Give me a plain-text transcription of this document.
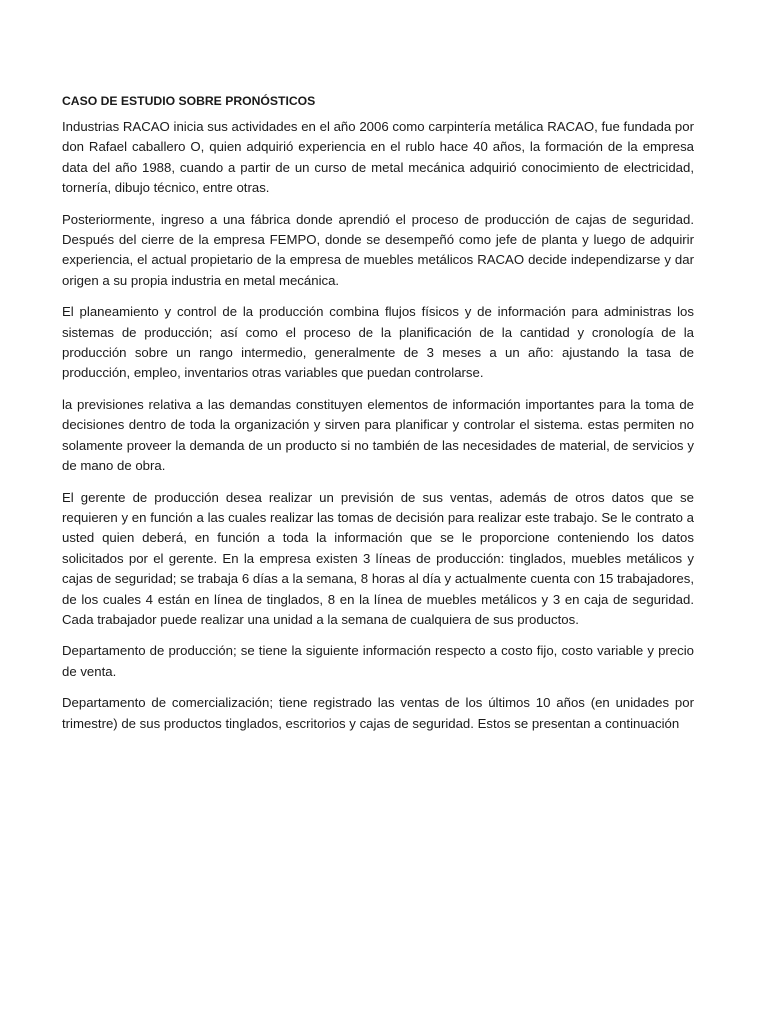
CASO DE ESTUDIO SOBRE PRONÓSTICOS

Industrias RACAO inicia sus actividades en el año 2006 como carpintería metálica RACAO, fue fundada por don Rafael caballero O, quien adquirió experiencia en el rublo hace 40 años, la formación de la empresa data del año 1988, cuando a partir de un curso de metal mecánica adquirió conocimiento de electricidad, tornería, dibujo técnico, entre otras.

Posteriormente, ingreso a una fábrica donde aprendió el proceso de producción de cajas de seguridad. Después del cierre de la empresa FEMPO, donde se desempeñó como jefe de planta y luego de adquirir experiencia, el actual propietario de la empresa de muebles metálicos RACAO decide independizarse y dar origen a su propia industria en metal mecánica.

El planeamiento y control de la producción combina flujos físicos y de información para administras los sistemas de producción; así como el proceso de la planificación de la cantidad y cronología de la producción sobre un rango intermedio, generalmente de 3 meses a un año: ajustando la tasa de producción, empleo, inventarios otras variables que puedan controlarse.

la previsiones relativa a las demandas constituyen elementos de información importantes para la toma de decisiones dentro de toda la organización y sirven para planificar y controlar el sistema. estas permiten no solamente proveer la demanda de un producto si no también de las necesidades de material, de servicios y de mano de obra.

El gerente de producción desea realizar un previsión de sus ventas, además de otros datos que se requieren y en función a las cuales realizar las tomas de decisión para realizar este trabajo. Se le contrato a usted quien deberá, en función a toda la información que se le proporcione conteniendo los datos solicitados por el gerente. En la empresa existen 3 líneas de producción: tinglados, muebles metálicos y cajas de seguridad; se trabaja 6 días a la semana, 8 horas al día y actualmente cuenta con 15 trabajadores, de los cuales 4 están en línea de tinglados, 8 en la línea de muebles metálicos y 3 en caja de seguridad. Cada trabajador puede realizar una unidad a la semana de cualquiera de sus productos.

Departamento de producción; se tiene la siguiente información respecto a costo fijo, costo variable y precio de venta.

Departamento de comercialización; tiene registrado las ventas de los últimos 10 años (en unidades por trimestre) de sus productos tinglados, escritorios y cajas de seguridad. Estos se presentan a continuación
